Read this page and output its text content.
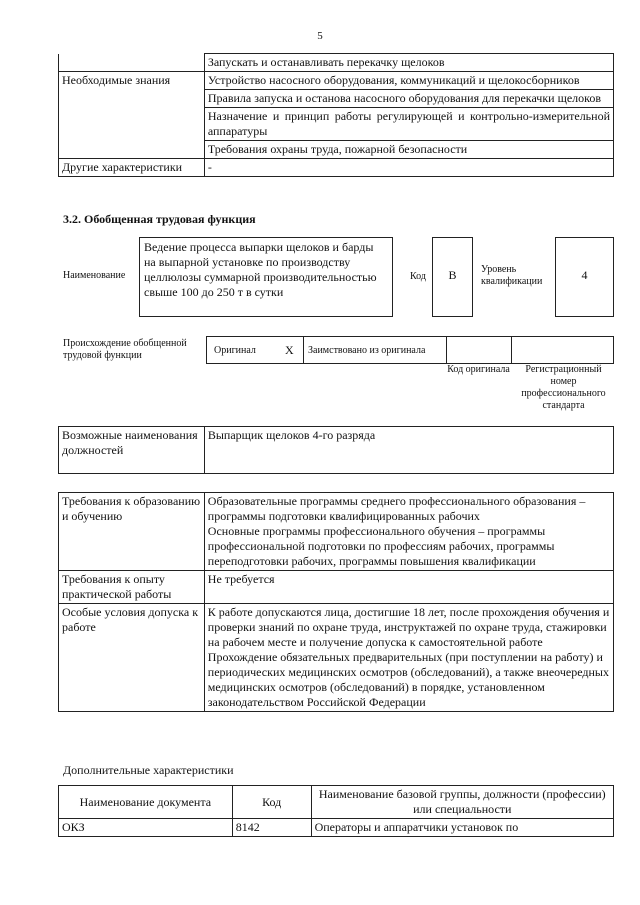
5
	Запускать и останавливать перекачку щелоков
Необходимые знания	Устройство насосного оборудования, коммуникаций и щелокосборников
	Правила запуска и останова насосного оборудования для перекачки щелоков
	Назначение и принцип работы регулирующей и контрольно-измерительной аппаратуры
	Требования охраны труда, пожарной безопасности
Другие характеристики	-
3.2. Обобщенная трудовая функция
Наименование
Ведение процесса выпарки щелоков и барды на выпарной установке по производству целлюлозы суммарной производительностью свыше 100 до 250 т в сутки
Код	B	Уровень квалификации	4
Происхождение обобщенной трудовой функции	Оригинал X Заимствовано из оригинала
Код оригинала	Регистрационный номер профессионального стандарта
Возможные наименования должностей	Выпарщик щелоков 4-го разряда
Требования к образованию и обучению	Образовательные программы среднего профессионального образования – программы подготовки квалифицированных рабочих
Основные программы профессионального обучения – программы профессиональной подготовки по профессиям рабочих, программы переподготовки рабочих, программы повышения квалификации
Требования к опыту практической работы	Не требуется
Особые условия допуска к работе	К работе допускаются лица, достигшие 18 лет, после прохождения обучения и проверки знаний по охране труда, инструктажей по охране труда, стажировки на рабочем месте и получение допуска к самостоятельной работе
Прохождение обязательных предварительных (при поступлении на работу) и периодических медицинских осмотров (обследований), а также внеочередных медицинских осмотров (обследований) в порядке, установленном законодательством Российской Федерации
Дополнительные характеристики
Наименование документа	Код	Наименование базовой группы, должности (профессии) или специальности
ОКЗ	8142	Операторы и аппаратчики установок по
